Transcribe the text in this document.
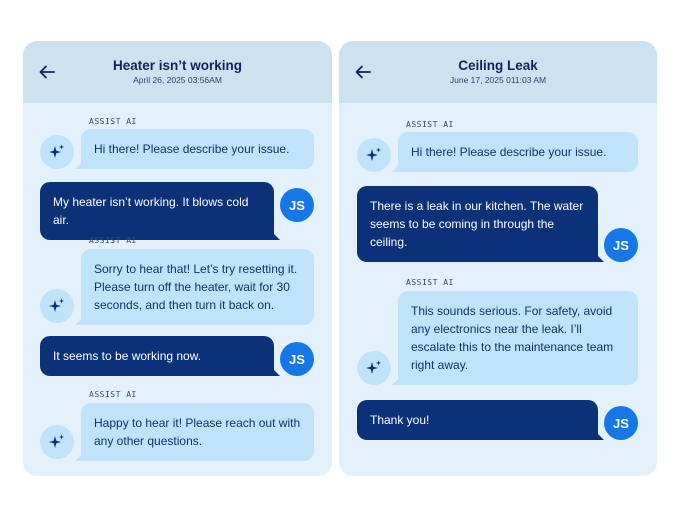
Heater isn’t working
April 26, 2025 03:56AM
ASSIST AI
Hi there! Please describe your issue.
My heater isn’t working. It blows cold air.
JS
ASSIST AI
Sorry to hear that! Let’s try resetting it. Please turn off the heater, wait for 30 seconds, and then turn it back on.
It seems to be working now.	JS
ASSIST AI
Happy to hear it! Please reach out with any other questions.
Ceiling Leak
June 17, 2025 011:03 AM
ASSIST AI
Hi there! Please describe your issue.
There is a leak in our kitchen. The water seems to be coming in through the ceiling.	JS
ASSIST AI
This sounds serious. For safety, avoid any electronics near the leak. I’ll escalate this to the maintenance team right away.
Thank you!	JS
